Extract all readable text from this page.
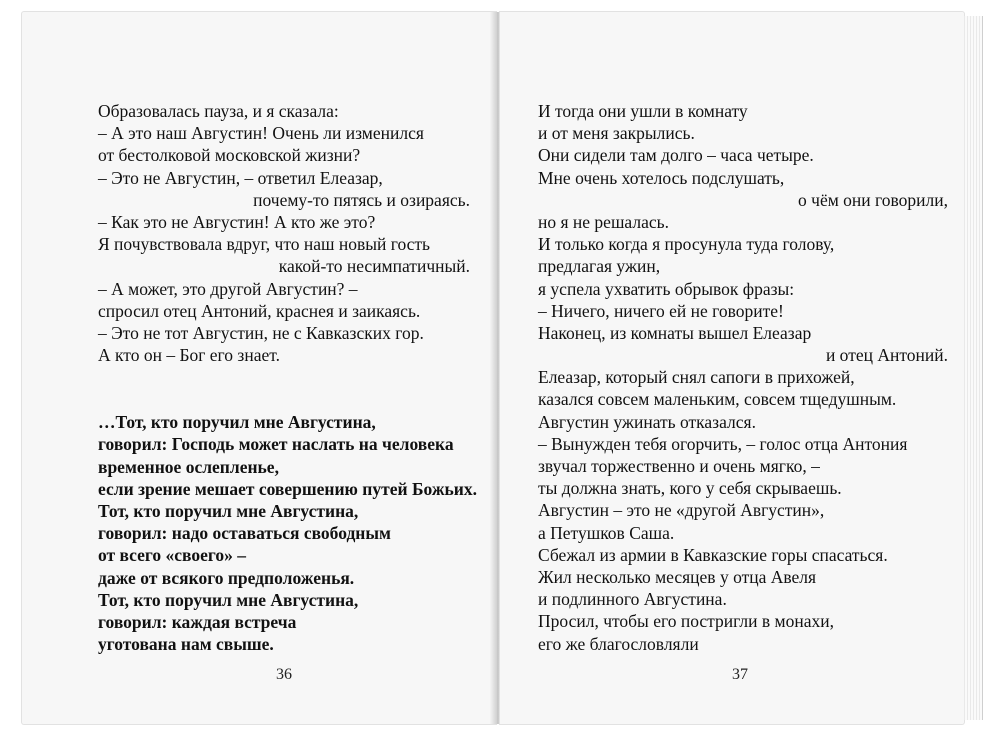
Образовалась пауза, и я сказала:
– А это наш Августин! Очень ли изменился
от бестолковой московской жизни?
– Это не Августин, – ответил Елеазар,
почему-то пятясь и озираясь.
– Как это не Августин! А кто же это?
Я почувствовала вдруг, что наш новый гость
какой-то несимпатичный.
– А может, это другой Августин? –
спросил отец Антоний, краснея и заикаясь.
– Это не тот Августин, не с Кавказских гор.
А кто он – Бог его знает.
…Тот, кто поручил мне Августина,
говорил: Господь может наслать на человека
временное ослепленье,
если зрение мешает совершению путей Божьих.
Тот, кто поручил мне Августина,
говорил: надо оставаться свободным
от всего «своего» –
даже от всякого предположенья.
Тот, кто поручил мне Августина,
говорил: каждая встреча
уготована нам свыше.
36
И тогда они ушли в комнату
и от меня закрылись.
Они сидели там долго – часа четыре.
Мне очень хотелось подслушать,
о чём они говорили,
но я не решалась.
И только когда я просунула туда голову,
предлагая ужин,
я успела ухватить обрывок фразы:
– Ничего, ничего ей не говорите!
Наконец, из комнаты вышел Елеазар
и отец Антоний.
Елеазар, который снял сапоги в прихожей,
казался совсем маленьким, совсем тщедушным.
Августин ужинать отказался.
– Вынужден тебя огорчить, – голос отца Антония
звучал торжественно и очень мягко, –
ты должна знать, кого у себя скрываешь.
Августин – это не «другой Августин»,
а Петушков Саша.
Сбежал из армии в Кавказские горы спасаться.
Жил несколько месяцев у отца Авеля
и подлинного Августина.
Просил, чтобы его постригли в монахи,
его же благословляли
37
